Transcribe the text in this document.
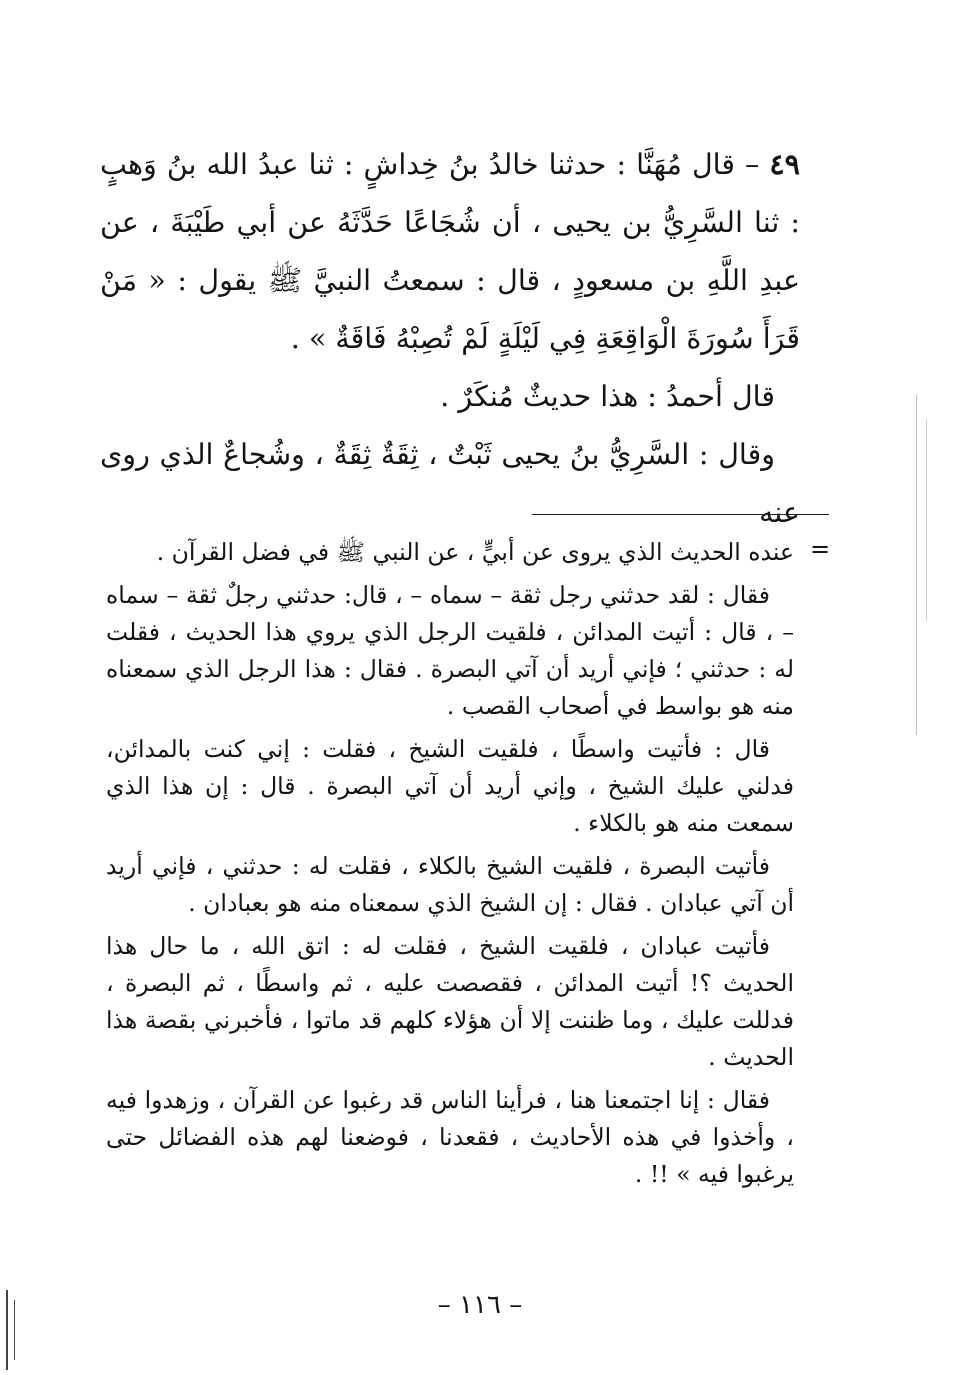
٤٩ – قال مُهَنَّا : حدثنا خالدُ بنُ خِداشٍ : ثنا عبدُ الله بنُ وَهبٍ : ثنا السَّرِيُّ بن يحيى ، أن شُجَاعًا حَدَّثَهُ عن أبي طَيْبَةَ ، عن عبدِ اللَّهِ بن مسعودٍ ، قال : سمعتُ النبيَّ ﷺ يقول : « مَنْ قَرَأَ سُورَةَ الْوَاقِعَةِ فِي لَيْلَةٍ لَمْ تُصِبْهُ فَاقَةٌ » .

قال أحمدُ : هذا حديثٌ مُنكَرٌ .

وقال : السَّرِيُّ بنُ يحيى ثَبْتٌ ، ثِقَةٌ ثِقَةٌ ، وشُجاعٌ الذي روى عنه

=

عنده الحديث الذي يروى عن أبيٍّ ، عن النبي ﷺ في فضل القرآن .

فقال : لقد حدثني رجل ثقة – سماه – ، قال: حدثني رجلٌ ثقة – سماه – ، قال : أتيت المدائن ، فلقيت الرجل الذي يروي هذا الحديث ، فقلت له : حدثني ؛ فإني أريد أن آتي البصرة . فقال : هذا الرجل الذي سمعناه منه هو بواسط في أصحاب القصب .

قال : فأتيت واسطًا ، فلقيت الشيخ ، فقلت : إني كنت بالمدائن، فدلني عليك الشيخ ، وإني أريد أن آتي البصرة . قال : إن هذا الذي سمعت منه هو بالكلاء .

فأتيت البصرة ، فلقيت الشيخ بالكلاء ، فقلت له : حدثني ، فإني أريد أن آتي عبادان . فقال : إن الشيخ الذي سمعناه منه هو بعبادان .

فأتيت عبادان ، فلقيت الشيخ ، فقلت له : اتق الله ، ما حال هذا الحديث ؟! أتيت المدائن ، فقصصت عليه ، ثم واسطًا ، ثم البصرة ، فدللت عليك ، وما ظننت إلا أن هؤلاء كلهم قد ماتوا ، فأخبرني بقصة هذا الحديث .

فقال : إنا اجتمعنا هنا ، فرأينا الناس قد رغبوا عن القرآن ، وزهدوا فيه ، وأخذوا في هذه الأحاديث ، فقعدنا ، فوضعنا لهم هذه الفضائل حتى يرغبوا فيه » !! .

– ١١٦ –
